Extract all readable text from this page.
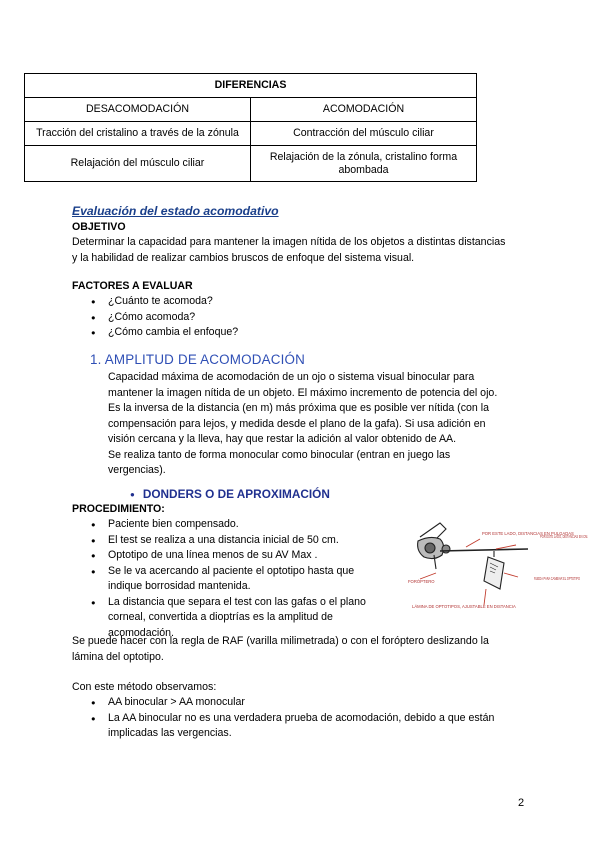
DIFERENCIAS	
DESACOMODACIÓN	ACOMODACIÓN
Tracción del cristalino a través de la zónula	Contracción del músculo ciliar
Relajación del músculo ciliar	Relajación de la zónula, cristalino forma abombada
Evaluación del estado acomodativo
OBJETIVO
Determinar la capacidad para mantener la imagen nítida de los objetos a distintas distancias
y la habilidad de realizar cambios bruscos de enfoque del sistema visual.
FACTORES A EVALUAR
● ¿Cuánto te acomoda?
● ¿Cómo acomoda?
● ¿Cómo cambia el enfoque?
1. AMPLITUD DE ACOMODACIÓN
Capacidad máxima de acomodación de un ojo o sistema visual binocular para
mantener la imagen nítida de un objeto. El máximo incremento de potencia del ojo.
Es la inversa de la distancia (en m) más próxima que es posible ver nítida (con la
compensación para lejos, y medida desde el plano de la gafa). Si usa adición en
visión cercana y la lleva, hay que restar la adición al valor obtenido de AA.
Se realiza tanto de forma monocular como binocular (entran en juego las
vergencias).
● DONDERS O DE APROXIMACIÓN
PROCEDIMIENTO:
● Paciente bien compensado.
● El test se realiza a una distancia inicial de 50 cm.
● Optotipo de una línea menos de su AV Max .
● Se le va acercando al paciente el optotipo hasta que
indique borrosidad mantenida.
● La distancia que separa el test con las gafas o el plano
corneal, convertida a dioptrías es la amplitud de
acomodación.
POR ESTE LADO, DISTANCIAS EN PULGADAS
POR ESTE LADO, DISTANCIAS EN CM.
FORÓPTERO
RUEDA PARA CAMBIAR EL OPTOTIPO
LÁMINA DE OPTOTIPOS, AJUSTABLE EN DISTANCIA
Se puede hacer con la regla de RAF (varilla milimetrada) o con el foróptero deslizando la
lámina del optotipo.
Con este método observamos:
● AA binocular > AA monocular
● La AA binocular no es una verdadera prueba de acomodación, debido a que están
implicadas las vergencias.
2
